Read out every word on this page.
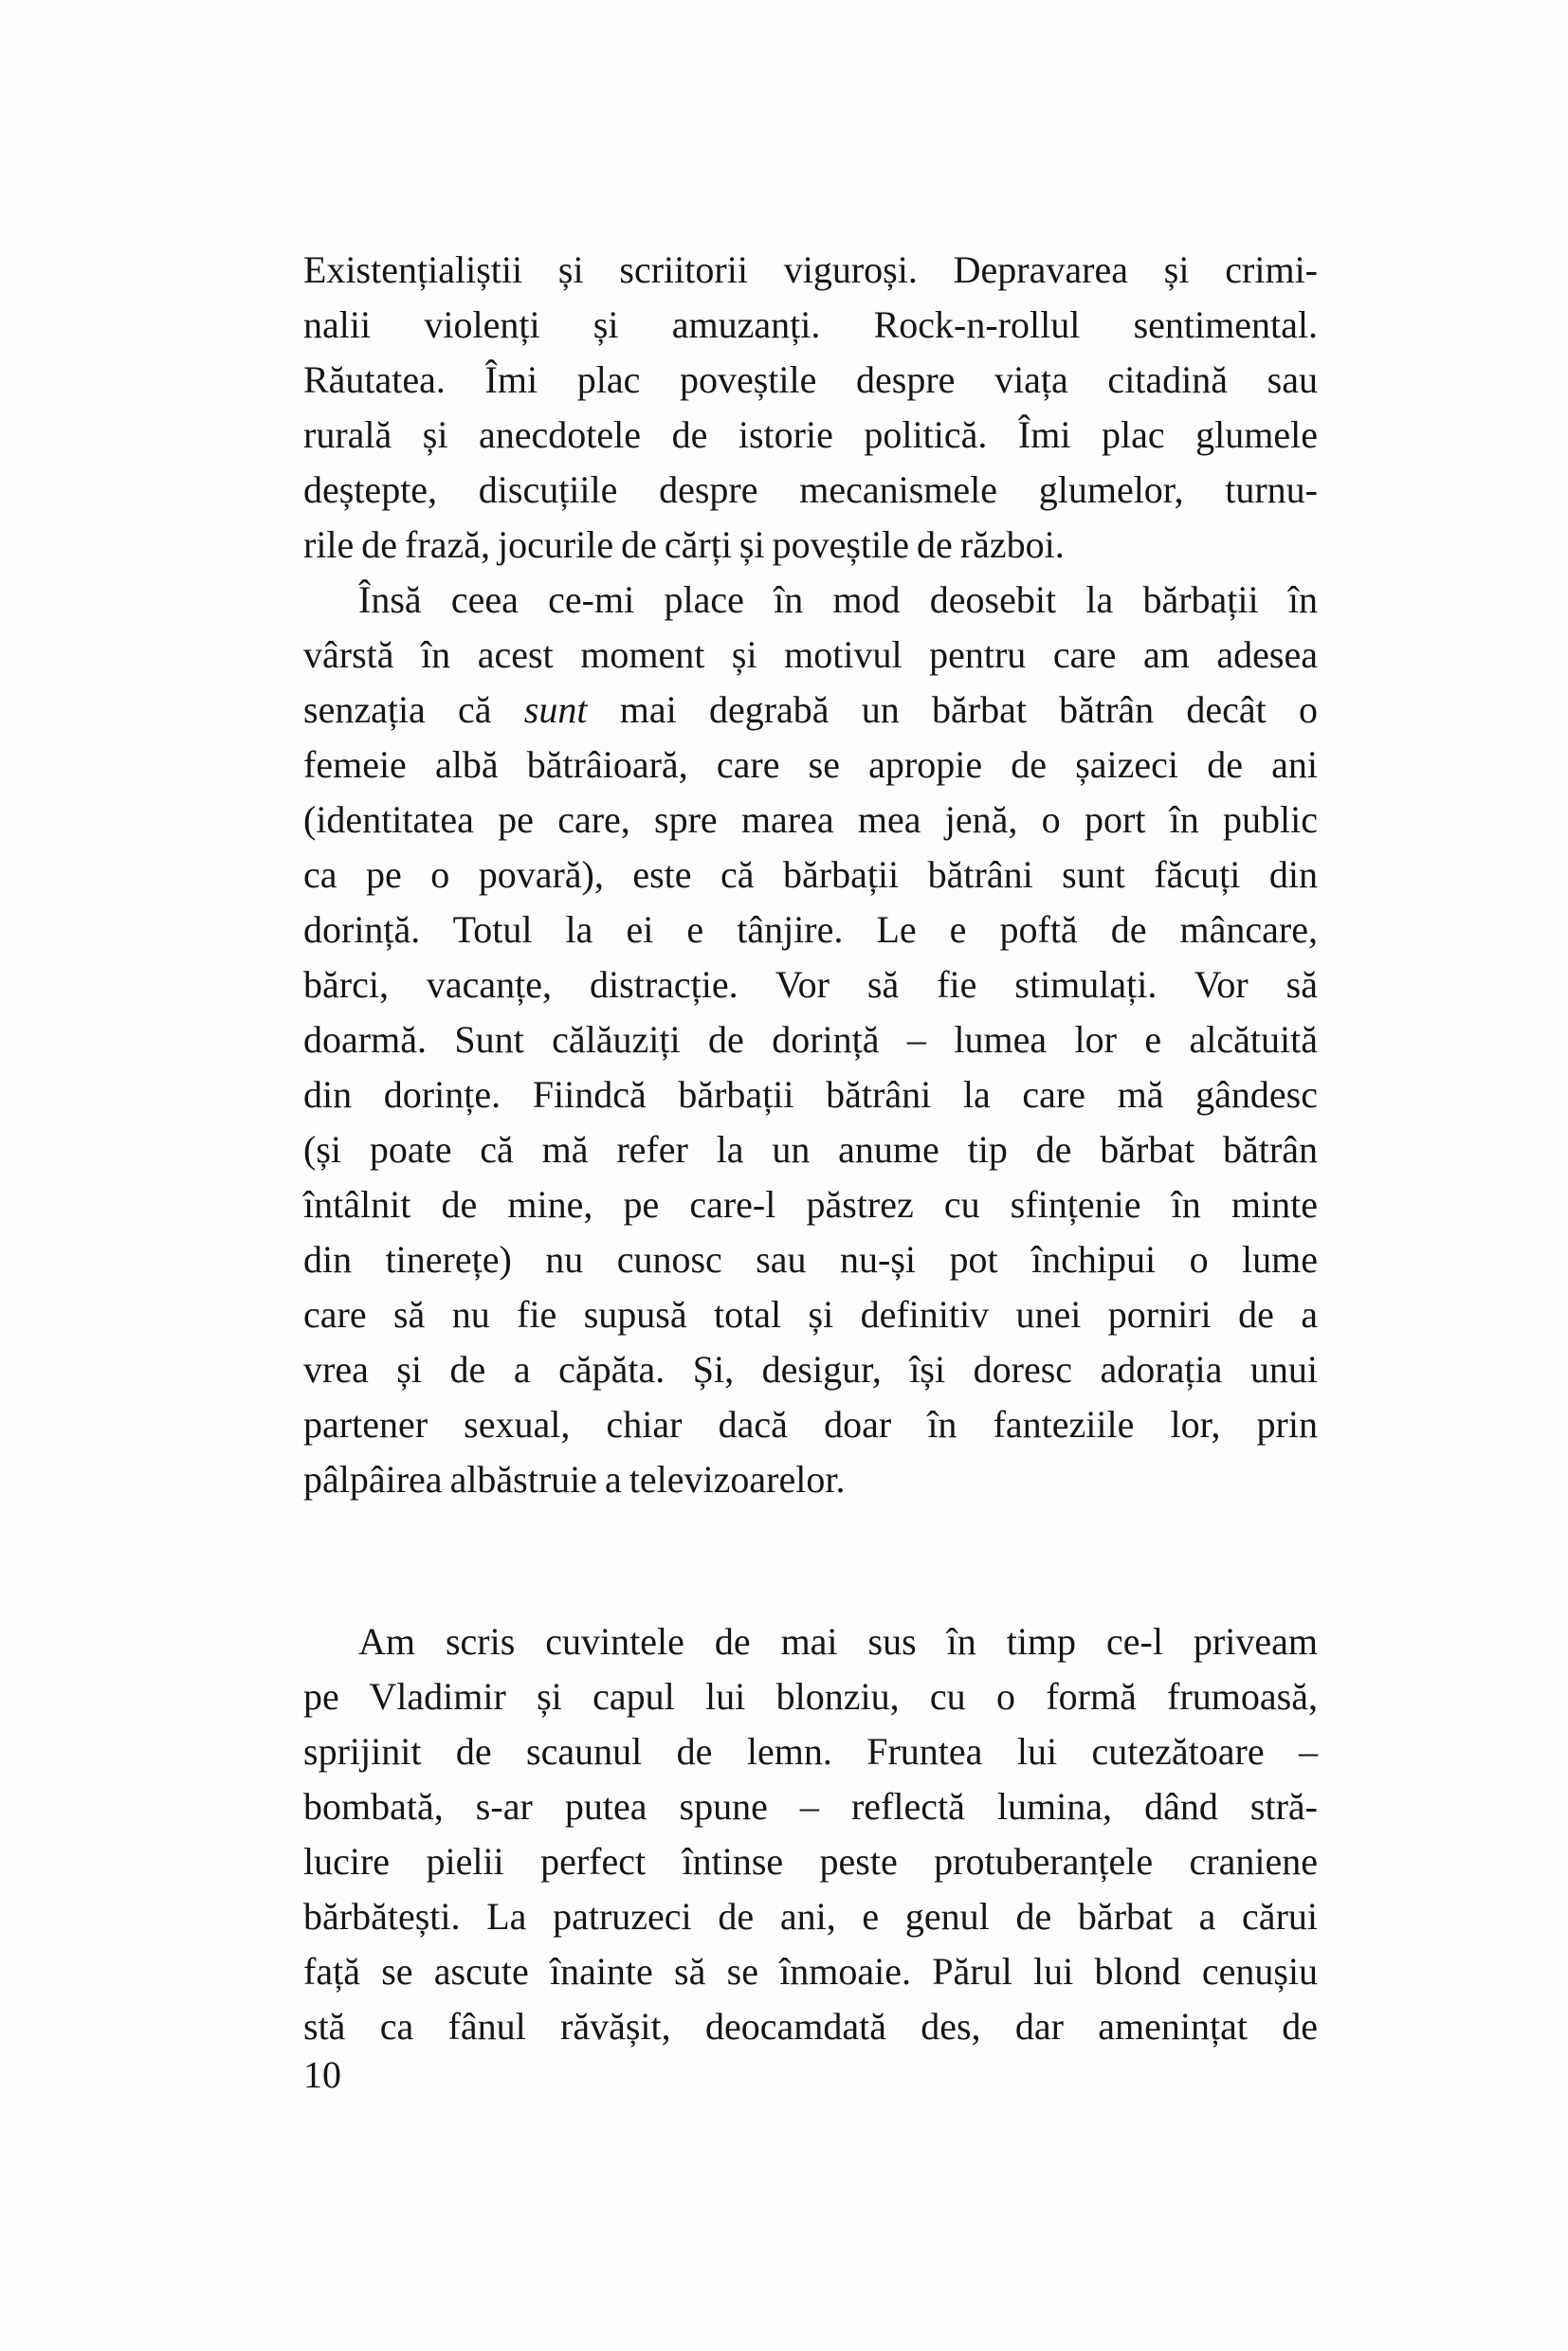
Existențialiștii și scriitorii viguroși. Depravarea și crimi-
nalii violenți și amuzanți. Rock-n-rollul sentimental.
Răutatea. Îmi plac poveștile despre viața citadină sau
rurală și anecdotele de istorie politică. Îmi plac glumele
deștepte, discuțiile despre mecanismele glumelor, turnu-
rile de frază, jocurile de cărți și poveștile de război.
Însă ceea ce-mi place în mod deosebit la bărbații în
vârstă în acest moment și motivul pentru care am adesea
senzația că sunt mai degrabă un bărbat bătrân decât o
femeie albă bătrâioară, care se apropie de șaizeci de ani
(identitatea pe care, spre marea mea jenă, o port în public
ca pe o povară), este că bărbații bătrâni sunt făcuți din
dorință. Totul la ei e tânjire. Le e poftă de mâncare,
bărci, vacanțe, distracție. Vor să fie stimulați. Vor să
doarmă. Sunt călăuziți de dorință – lumea lor e alcătuită
din dorințe. Fiindcă bărbații bătrâni la care mă gândesc
(și poate că mă refer la un anume tip de bărbat bătrân
întâlnit de mine, pe care-l păstrez cu sfințenie în minte
din tinerețe) nu cunosc sau nu-și pot închipui o lume
care să nu fie supusă total și definitiv unei porniri de a
vrea și de a căpăta. Și, desigur, își doresc adorația unui
partener sexual, chiar dacă doar în fanteziile lor, prin
pâlpâirea albăstruie a televizoarelor.
Am scris cuvintele de mai sus în timp ce-l priveam
pe Vladimir și capul lui blonziu, cu o formă frumoasă,
sprijinit de scaunul de lemn. Fruntea lui cutezătoare –
bombată, s-ar putea spune – reflectă lumina, dând stră-
lucire pielii perfect întinse peste protuberanțele craniene
bărbătești. La patruzeci de ani, e genul de bărbat a cărui
față se ascute înainte să se înmoaie. Părul lui blond cenușiu
stă ca fânul răvășit, deocamdată des, dar amenințat de
10
